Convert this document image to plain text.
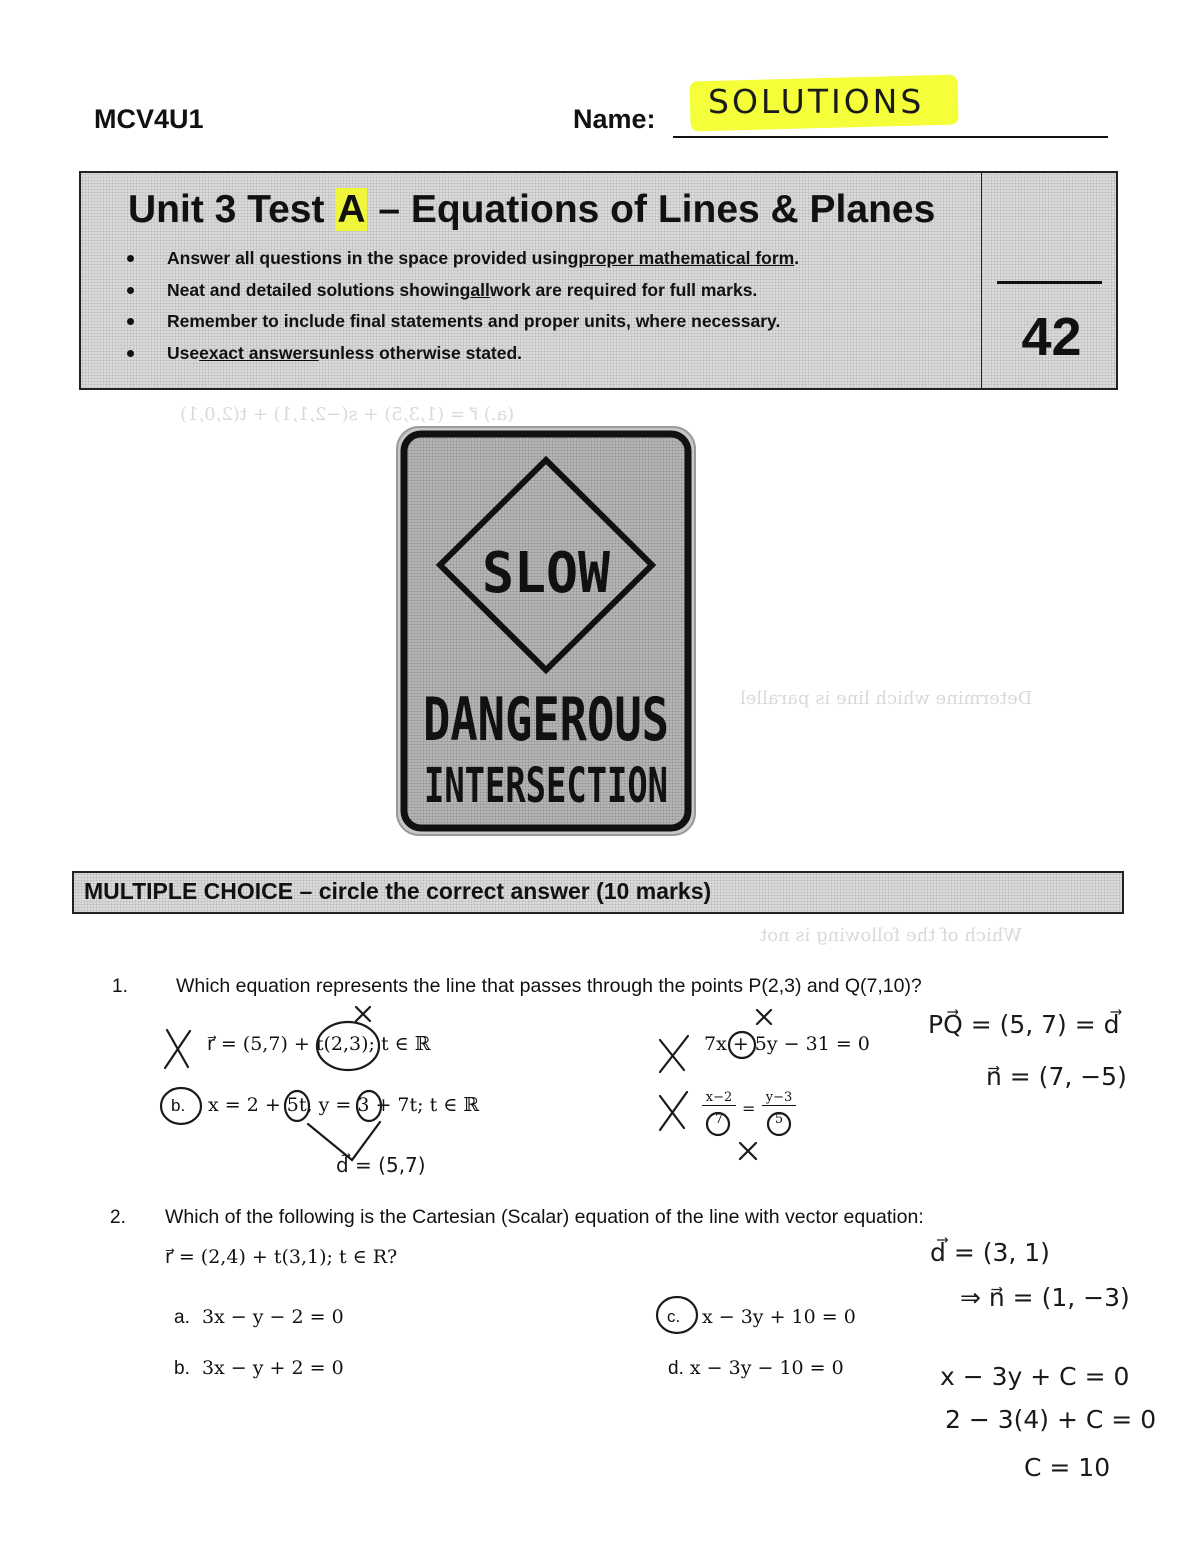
(a.) r⃗ = (1,3,5) + s(−2,1,1) + t(2,0,1)
Determine which line is parallel
Which of the following is not
MCV4U1	Name: SOLUTIONS
Unit 3 Test A – Equations of Lines & Planes
Answer all questions in the space provided using proper mathematical form .
Neat and detailed solutions showing all work are required for full marks.
Remember to include final statements and proper units, where necessary.
Use exact answers unless otherwise stated.	42
SLOW
DANGEROUS
INTERSECTION
MULTIPLE CHOICE – circle the correct answer (10 marks)
1. Which equation represents the line that passes through the points P(2,3) and Q(7,10)?
r⃗ = (5,7) + t(2,3); t ∈ ℝ
x = 2 + 5t, y = 3 + 7t; t ∈ ℝ
b.
7x + 5y − 31 = 0
x−2
7
=
y−3
5
PQ⃗ = (5, 7) = d⃗
n⃗ = (7, −5)
d⃗ = (5,7)
2. Which of the following is the Cartesian (Scalar) equation of the line with vector equation:
r⃗ = (2,4) + t(3,1); t ∈ R?
a. 3x − y − 2 = 0
b. 3x − y + 2 = 0
c. x − 3y + 10 = 0
d. x − 3y − 10 = 0
d⃗ = (3, 1)
⇒ n⃗ = (1, −3)
x − 3y + C = 0
2 − 3(4) + C = 0
C = 10
